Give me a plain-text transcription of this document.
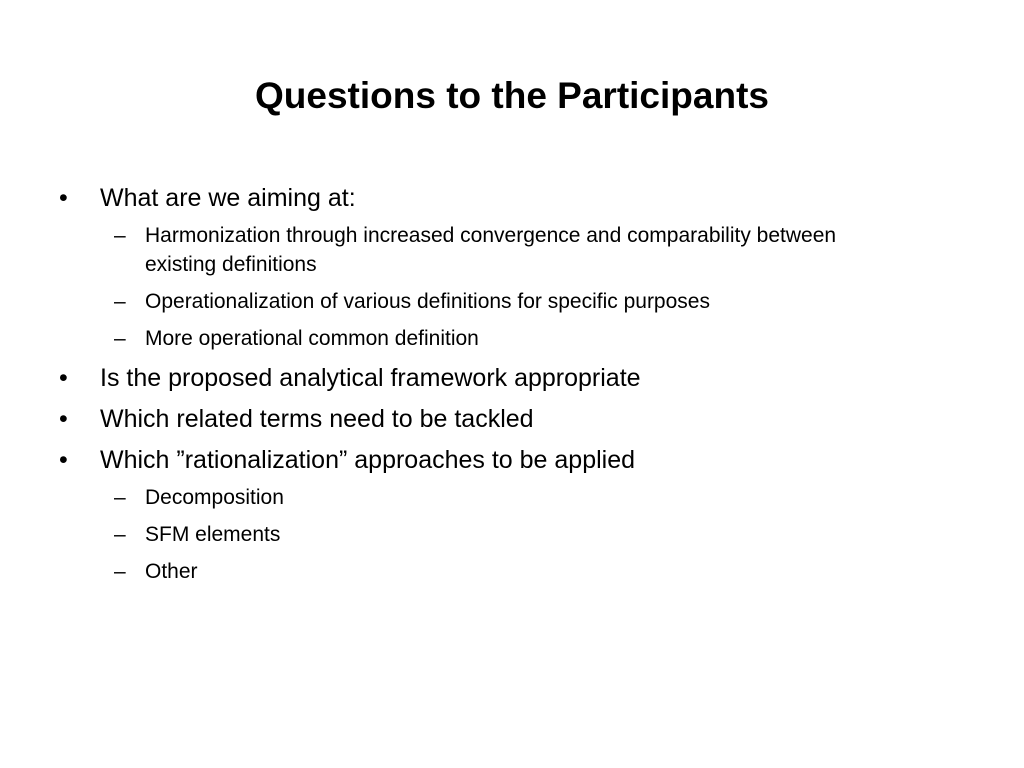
Questions to the Participants
• What are we aiming at:
– Harmonization through increased convergence and comparability between existing definitions
– Operationalization of various definitions for specific purposes
– More operational common definition
• Is the proposed analytical framework appropriate
• Which related terms need to be tackled
• Which ”rationalization” approaches to be applied
– Decomposition
– SFM elements
– Other
